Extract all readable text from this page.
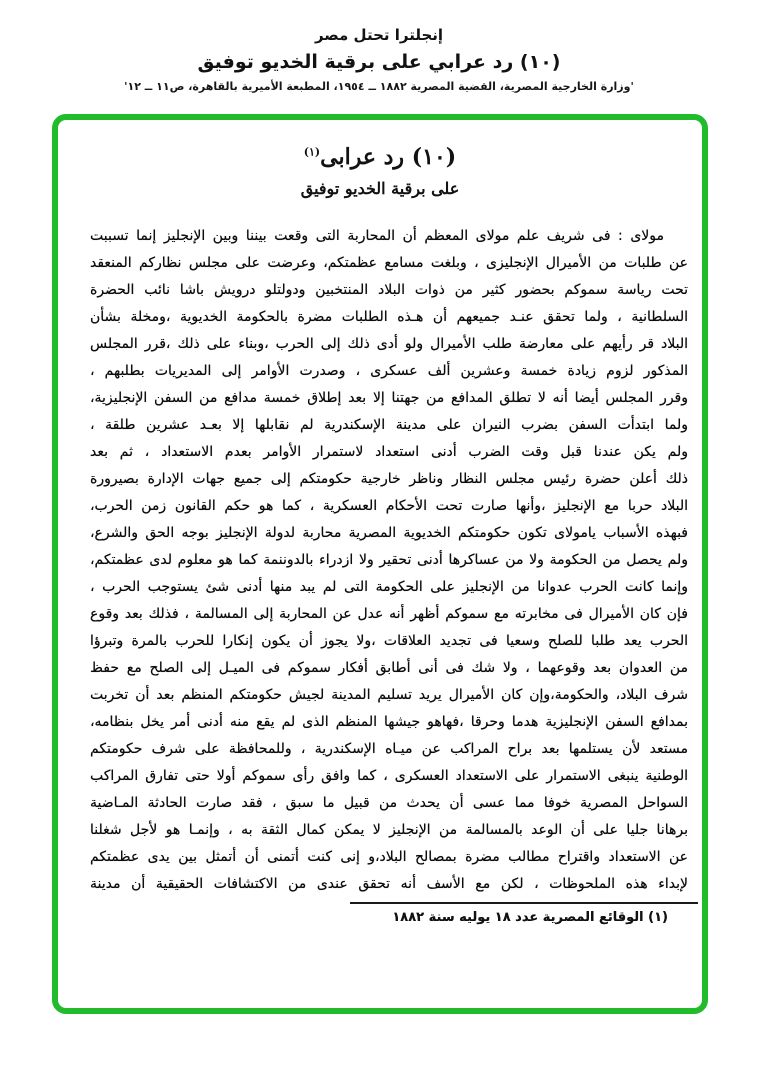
إنجلترا تحتل مصر
(١٠) رد عرابي على برقية الخديو توفيق
'وزارة الخارجية المصرية، القضية المصرية ١٨٨٢ ــ ١٩٥٤، المطبعة الأميرية بالقاهرة، ص١١ ــ ١٢'
(١٠) رد عرابى$^{(١)}$
على برقية الخديو توفيق
مولاى : فى شريف علم مولاى المعظم أن المحاربة التى وقعت بيننا وبين الإنجليز إنما تسببت
عن طلبات من الأميرال الإنجليزى ، وبلغت مسامع عظمتكم، وعرضت على مجلس نظاركم المنعقد
تحت رياسة سموكم بحضور كثير من ذوات البلاد المنتخبين ودولتلو درويش باشا نائب الحضرة
السلطانية ، ولما تحقق عنـد جميعهم أن هـذه الطلبات مضرة بالحكومة الخديوية ،ومخلة بشأن
البلاد قر رأيهم على معارضة طلب الأميرال ولو أدى ذلك إلى الحرب ،وبناء على ذلك ،قرر المجلس
المذكور لزوم زيادة خمسة وعشرين ألف عسكرى ، وصدرت الأوامر إلى المديريات بطلبهم ،
وقرر المجلس أيضا أنه لا تطلق المدافع من جهتنا إلا بعد إطلاق خمسة مدافع من السفن الإنجليزية،
ولما ابتدأت السفن بضرب النيران على مدينة الإسكندرية لم نقابلها إلا بعـد عشرين طلقة ،
ولم يكن عندنا قبل وقت الضرب أدنى استعداد لاستمرار الأوامر بعدم الاستعداد ، ثم بعد
ذلك أعلن حضرة رئيس مجلس النظار وناظر خارجية حكومتكم إلى جميع جهات الإدارة بصيرورة
البلاد حربا مع الإنجليز ،وأنها صارت تحت الأحكام العسكرية ، كما هو حكم القانون زمن الحرب،
فبهذه الأسباب يامولاى تكون حكومتكم الخديوية المصرية محاربة لدولة الإنجليز بوجه الحق والشرع،
ولم يحصل من الحكومة ولا من عساكرها أدنى تحقير ولا ازدراء بالدوننمة كما هو معلوم لدى عظمتكم،
وإنما كانت الحرب عدوانا من الإنجليز على الحكومة التى لم يبد منها أدنى شئ يستوجب الحرب ،
فإن كان الأميرال فى مخابرته مع سموكم أظهر أنه عدل عن المحاربة إلى المسالمة ، فذلك بعد وقوع
الحرب يعد طلبا للصلح وسعيا فى تجديد العلاقات ،ولا يجوز أن يكون إنكارا للحرب بالمرة وتبرؤا
من العدوان بعد وقوعهما ، ولا شك فى أنى أطابق أفكار سموكم فى الميـل إلى الصلح مع حفظ
شرف البلاد، والحكومة،وإن كان الأميرال يريد تسليم المدينة لجيش حكومتكم المنظم بعد أن تخربت
بمدافع السفن الإنجليزية هدما وحرقا ،فهاهو جيشها المنظم الذى لم يقع منه أدنى أمر يخل بنظامه،
مستعد لأن يستلمها بعد براح المراكب عن ميـاه الإسكندرية ، وللمحافظة على شرف حكومتكم
الوطنية ينبغى الاستمرار على الاستعداد العسكرى ، كما وافق رأى سموكم أولا حتى تفارق المراكب
السواحل المصرية خوفا مما عسى أن يحدث من قبيل ما سبق ، فقد صارت الحادثة المـاضية
برهانا جليا على أن الوعد بالمسالمة من الإنجليز لا يمكن كمال الثقة به ، وإنمـا هو لأجل شغلنا
عن الاستعداد واقتراح مطالب مضرة بمصالح البلاد،و إنى كنت أتمنى أن أتمثل بين يدى عظمتكم
لإبداء هذه الملحوظات ، لكن مع الأسف أنه تحقق عندى من الاكتشافات الحقيقية أن مدينة
(١) الوقائع المصرية عدد ١٨ يوليه سنة ١٨٨٢
